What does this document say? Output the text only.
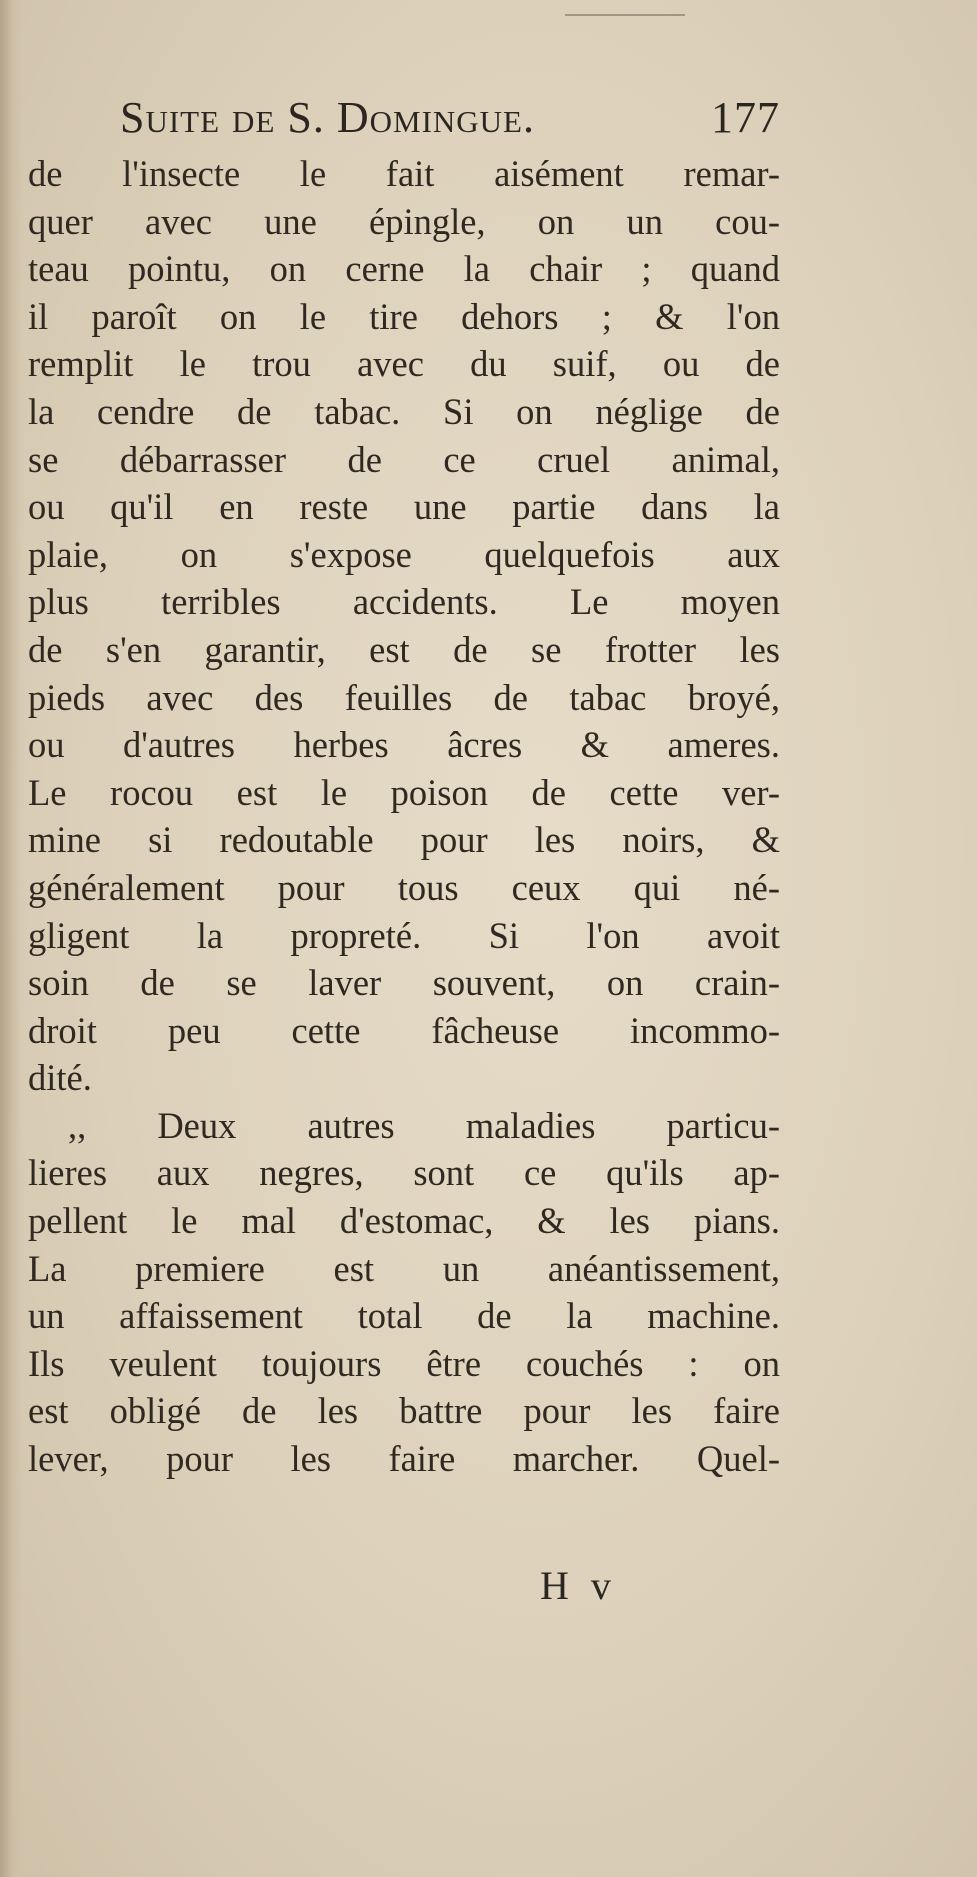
Suite de S. Domingue.	177
de l'insecte le fait aisément remar-
quer avec une épingle, on un cou-
teau pointu, on cerne la chair ; quand
il paroît on le tire dehors ; & l'on
remplit le trou avec du suif, ou de
la cendre de tabac. Si on néglige de
se débarrasser de ce cruel animal,
ou qu'il en reste une partie dans la
plaie, on s'expose quelquefois aux
plus terribles accidents. Le moyen
de s'en garantir, est de se frotter les
pieds avec des feuilles de tabac broyé,
ou d'autres herbes âcres & ameres.
Le rocou est le poison de cette ver-
mine si redoutable pour les noirs, &
généralement pour tous ceux qui né-
gligent la propreté. Si l'on avoit
soin de se laver souvent, on crain-
droit peu cette fâcheuse incommo-
dité.
,, Deux autres maladies particu-
lieres aux negres, sont ce qu'ils ap-
pellent le mal d'estomac, & les pians.
La premiere est un anéantissement,
un affaissement total de la machine.
Ils veulent toujours être couchés : on
est obligé de les battre pour les faire
lever, pour les faire marcher. Quel-
H v
